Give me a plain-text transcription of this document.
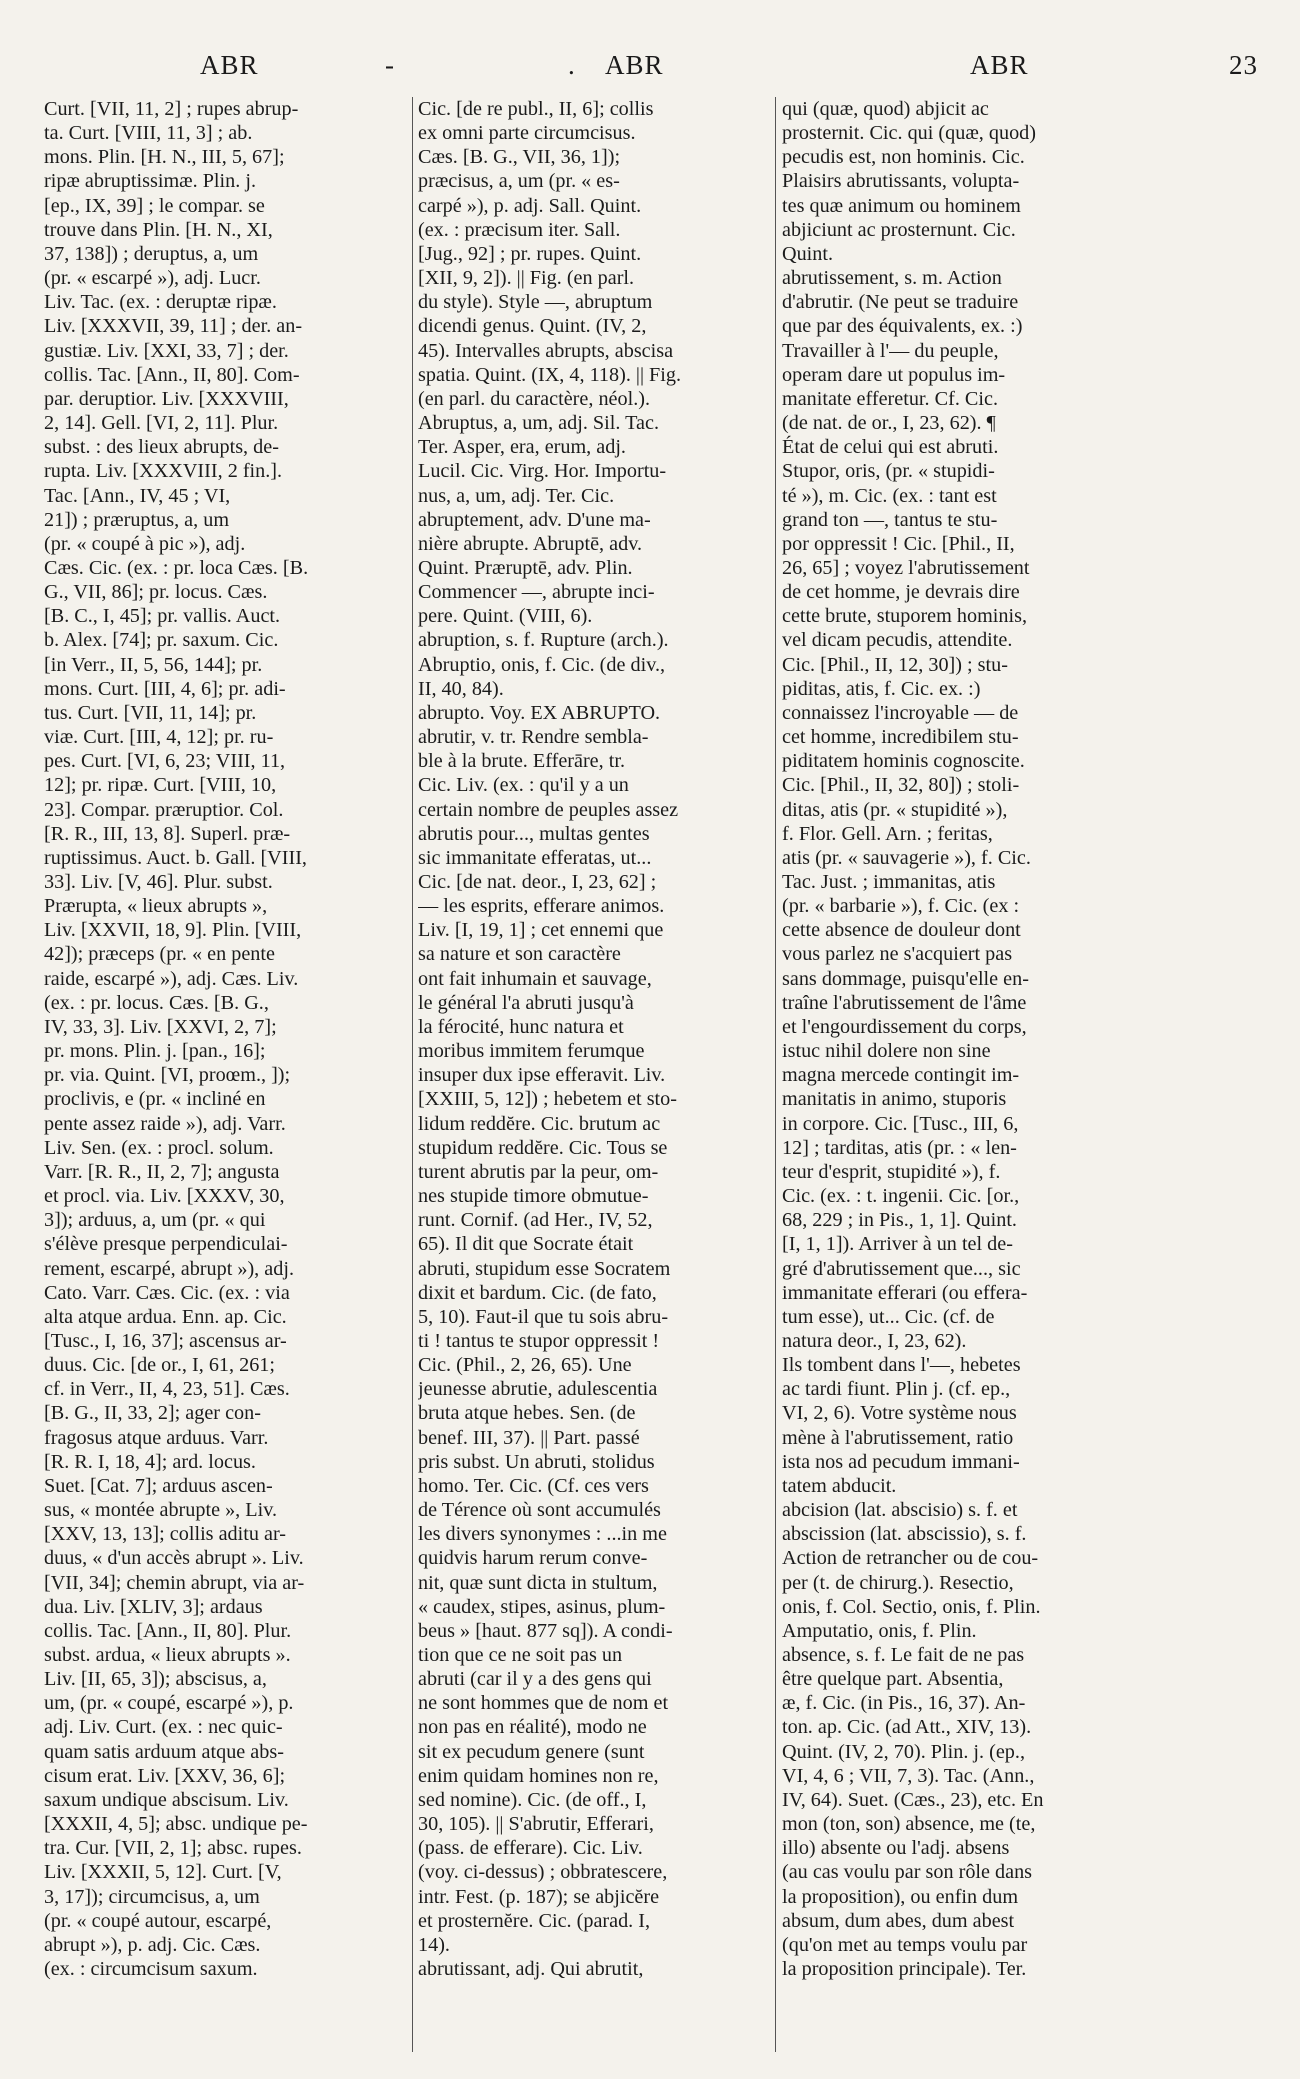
ABR	-	. ABR	ABR	23
Curt. [VII, 11, 2] ; rupes abrup-
ta. Curt. [VIII, 11, 3] ; ab.
mons. Plin. [H. N., III, 5, 67];
ripæ abruptissimæ. Plin. j.
[ep., IX, 39] ; le compar. se
trouve dans Plin. [H. N., XI,
37, 138]) ; deruptus, a, um
(pr. « escarpé »), adj. Lucr.
Liv. Tac. (ex. : deruptæ ripæ.
Liv. [XXXVII, 39, 11] ; der. an-
gustiæ. Liv. [XXI, 33, 7] ; der.
collis. Tac. [Ann., II, 80]. Com-
par. deruptior. Liv. [XXXVIII,
2, 14]. Gell. [VI, 2, 11]. Plur.
subst. : des lieux abrupts, de-
rupta. Liv. [XXXVIII, 2 fin.].
Tac. [Ann., IV, 45 ; VI,
21]) ; præruptus, a, um
(pr. « coupé à pic »), adj.
Cæs. Cic. (ex. : pr. loca Cæs. [B.
G., VII, 86]; pr. locus. Cæs.
[B. C., I, 45]; pr. vallis. Auct.
b. Alex. [74]; pr. saxum. Cic.
[in Verr., II, 5, 56, 144]; pr.
mons. Curt. [III, 4, 6]; pr. adi-
tus. Curt. [VII, 11, 14]; pr.
viæ. Curt. [III, 4, 12]; pr. ru-
pes. Curt. [VI, 6, 23; VIII, 11,
12]; pr. ripæ. Curt. [VIII, 10,
23]. Compar. præruptior. Col.
[R. R., III, 13, 8]. Superl. præ-
ruptissimus. Auct. b. Gall. [VIII,
33]. Liv. [V, 46]. Plur. subst.
Prærupta, « lieux abrupts »,
Liv. [XXVII, 18, 9]. Plin. [VIII,
42]); præceps (pr. « en pente
raide, escarpé »), adj. Cæs. Liv.
(ex. : pr. locus. Cæs. [B. G.,
IV, 33, 3]. Liv. [XXVI, 2, 7];
pr. mons. Plin. j. [pan., 16];
pr. via. Quint. [VI, proœm., ]);
proclivis, e (pr. « incliné en
pente assez raide »), adj. Varr.
Liv. Sen. (ex. : procl. solum.
Varr. [R. R., II, 2, 7]; angusta
et procl. via. Liv. [XXXV, 30,
3]); arduus, a, um (pr. « qui
s'élève presque perpendiculai-
rement, escarpé, abrupt »), adj.
Cato. Varr. Cæs. Cic. (ex. : via
alta atque ardua. Enn. ap. Cic.
[Tusc., I, 16, 37]; ascensus ar-
duus. Cic. [de or., I, 61, 261;
cf. in Verr., II, 4, 23, 51]. Cæs.
[B. G., II, 33, 2]; ager con-
fragosus atque arduus. Varr.
[R. R. I, 18, 4]; ard. locus.
Suet. [Cat. 7]; arduus ascen-
sus, « montée abrupte », Liv.
[XXV, 13, 13]; collis aditu ar-
duus, « d'un accès abrupt ». Liv.
[VII, 34]; chemin abrupt, via ar-
dua. Liv. [XLIV, 3]; ardaus
collis. Tac. [Ann., II, 80]. Plur.
subst. ardua, « lieux abrupts ».
Liv. [II, 65, 3]); abscisus, a,
um, (pr. « coupé, escarpé »), p.
adj. Liv. Curt. (ex. : nec quic-
quam satis arduum atque abs-
cisum erat. Liv. [XXV, 36, 6];
saxum undique abscisum. Liv.
[XXXII, 4, 5]; absc. undique pe-
tra. Cur. [VII, 2, 1]; absc. rupes.
Liv. [XXXII, 5, 12]. Curt. [V,
3, 17]); circumcisus, a, um
(pr. « coupé autour, escarpé,
abrupt »), p. adj. Cic. Cæs.
(ex. : circumcisum saxum.
Cic. [de re publ., II, 6]; collis
ex omni parte circumcisus.
Cæs. [B. G., VII, 36, 1]);
præcisus, a, um (pr. « es-
carpé »), p. adj. Sall. Quint.
(ex. : præcisum iter. Sall.
[Jug., 92] ; pr. rupes. Quint.
[XII, 9, 2]). || Fig. (en parl.
du style). Style —, abruptum
dicendi genus. Quint. (IV, 2,
45). Intervalles abrupts, abscisa
spatia. Quint. (IX, 4, 118). || Fig.
(en parl. du caractère, néol.).
Abruptus, a, um, adj. Sil. Tac.
Ter. Asper, era, erum, adj.
Lucil. Cic. Virg. Hor. Importu-
nus, a, um, adj. Ter. Cic.
abruptement, adv. D'une ma-
nière abrupte. Abruptē, adv.
Quint. Præruptē, adv. Plin.
Commencer —, abrupte inci-
pere. Quint. (VIII, 6).
abruption, s. f. Rupture (arch.).
Abruptio, onis, f. Cic. (de div.,
II, 40, 84).
abrupto. Voy. EX ABRUPTO.
abrutir, v. tr. Rendre sembla-
ble à la brute. Efferāre, tr.
Cic. Liv. (ex. : qu'il y a un
certain nombre de peuples assez
abrutis pour..., multas gentes
sic immanitate efferatas, ut...
Cic. [de nat. deor., I, 23, 62] ;
— les esprits, efferare animos.
Liv. [I, 19, 1] ; cet ennemi que
sa nature et son caractère
ont fait inhumain et sauvage,
le général l'a abruti jusqu'à
la férocité, hunc natura et
moribus immitem ferumque
insuper dux ipse efferavit. Liv.
[XXIII, 5, 12]) ; hebetem et sto-
lidum reddĕre. Cic. brutum ac
stupidum reddĕre. Cic. Tous se
turent abrutis par la peur, om-
nes stupide timore obmutue-
runt. Cornif. (ad Her., IV, 52,
65). Il dit que Socrate était
abruti, stupidum esse Socratem
dixit et bardum. Cic. (de fato,
5, 10). Faut-il que tu sois abru-
ti ! tantus te stupor oppressit !
Cic. (Phil., 2, 26, 65). Une
jeunesse abrutie, adulescentia
bruta atque hebes. Sen. (de
benef. III, 37). || Part. passé
pris subst. Un abruti, stolidus
homo. Ter. Cic. (Cf. ces vers
de Térence où sont accumulés
les divers synonymes : ...in me
quidvis harum rerum conve-
nit, quæ sunt dicta in stultum,
« caudex, stipes, asinus, plum-
beus » [haut. 877 sq]). A condi-
tion que ce ne soit pas un
abruti (car il y a des gens qui
ne sont hommes que de nom et
non pas en réalité), modo ne
sit ex pecudum genere (sunt
enim quidam homines non re,
sed nomine). Cic. (de off., I,
30, 105). || S'abrutir, Efferari,
(pass. de efferare). Cic. Liv.
(voy. ci-dessus) ; obbratescere,
intr. Fest. (p. 187); se abjicĕre
et prosternĕre. Cic. (parad. I,
14).
abrutissant, adj. Qui abrutit,
qui (quæ, quod) abjicit ac
prosternit. Cic. qui (quæ, quod)
pecudis est, non hominis. Cic.
Plaisirs abrutissants, volupta-
tes quæ animum ou hominem
abjiciunt ac prosternunt. Cic.
Quint.
abrutissement, s. m. Action
d'abrutir. (Ne peut se traduire
que par des équivalents, ex. :)
Travailler à l'— du peuple,
operam dare ut populus im-
manitate efferetur. Cf. Cic.
(de nat. de or., I, 23, 62). ¶
État de celui qui est abruti.
Stupor, oris, (pr. « stupidi-
té »), m. Cic. (ex. : tant est
grand ton —, tantus te stu-
por oppressit ! Cic. [Phil., II,
26, 65] ; voyez l'abrutissement
de cet homme, je devrais dire
cette brute, stuporem hominis,
vel dicam pecudis, attendite.
Cic. [Phil., II, 12, 30]) ; stu-
piditas, atis, f. Cic. ex. :)
connaissez l'incroyable — de
cet homme, incredibilem stu-
piditatem hominis cognoscite.
Cic. [Phil., II, 32, 80]) ; stoli-
ditas, atis (pr. « stupidité »),
f. Flor. Gell. Arn. ; feritas,
atis (pr. « sauvagerie »), f. Cic.
Tac. Just. ; immanitas, atis
(pr. « barbarie »), f. Cic. (ex :
cette absence de douleur dont
vous parlez ne s'acquiert pas
sans dommage, puisqu'elle en-
traîne l'abrutissement de l'âme
et l'engourdissement du corps,
istuc nihil dolere non sine
magna mercede contingit im-
manitatis in animo, stuporis
in corpore. Cic. [Tusc., III, 6,
12] ; tarditas, atis (pr. : « len-
teur d'esprit, stupidité »), f.
Cic. (ex. : t. ingenii. Cic. [or.,
68, 229 ; in Pis., 1, 1]. Quint.
[I, 1, 1]). Arriver à un tel de-
gré d'abrutissement que..., sic
immanitate efferari (ou effera-
tum esse), ut... Cic. (cf. de
natura deor., I, 23, 62).
Ils tombent dans l'—, hebetes
ac tardi fiunt. Plin j. (cf. ep.,
VI, 2, 6). Votre système nous
mène à l'abrutissement, ratio
ista nos ad pecudum immani-
tatem abducit.
abcision (lat. abscisio) s. f. et
abscission (lat. abscissio), s. f.
Action de retrancher ou de cou-
per (t. de chirurg.). Resectio,
onis, f. Col. Sectio, onis, f. Plin.
Amputatio, onis, f. Plin.
absence, s. f. Le fait de ne pas
être quelque part. Absentia,
æ, f. Cic. (in Pis., 16, 37). An-
ton. ap. Cic. (ad Att., XIV, 13).
Quint. (IV, 2, 70). Plin. j. (ep.,
VI, 4, 6 ; VII, 7, 3). Tac. (Ann.,
IV, 64). Suet. (Cæs., 23), etc. En
mon (ton, son) absence, me (te,
illo) absente ou l'adj. absens
(au cas voulu par son rôle dans
la proposition), ou enfin dum
absum, dum abes, dum abest
(qu'on met au temps voulu par
la proposition principale). Ter.
